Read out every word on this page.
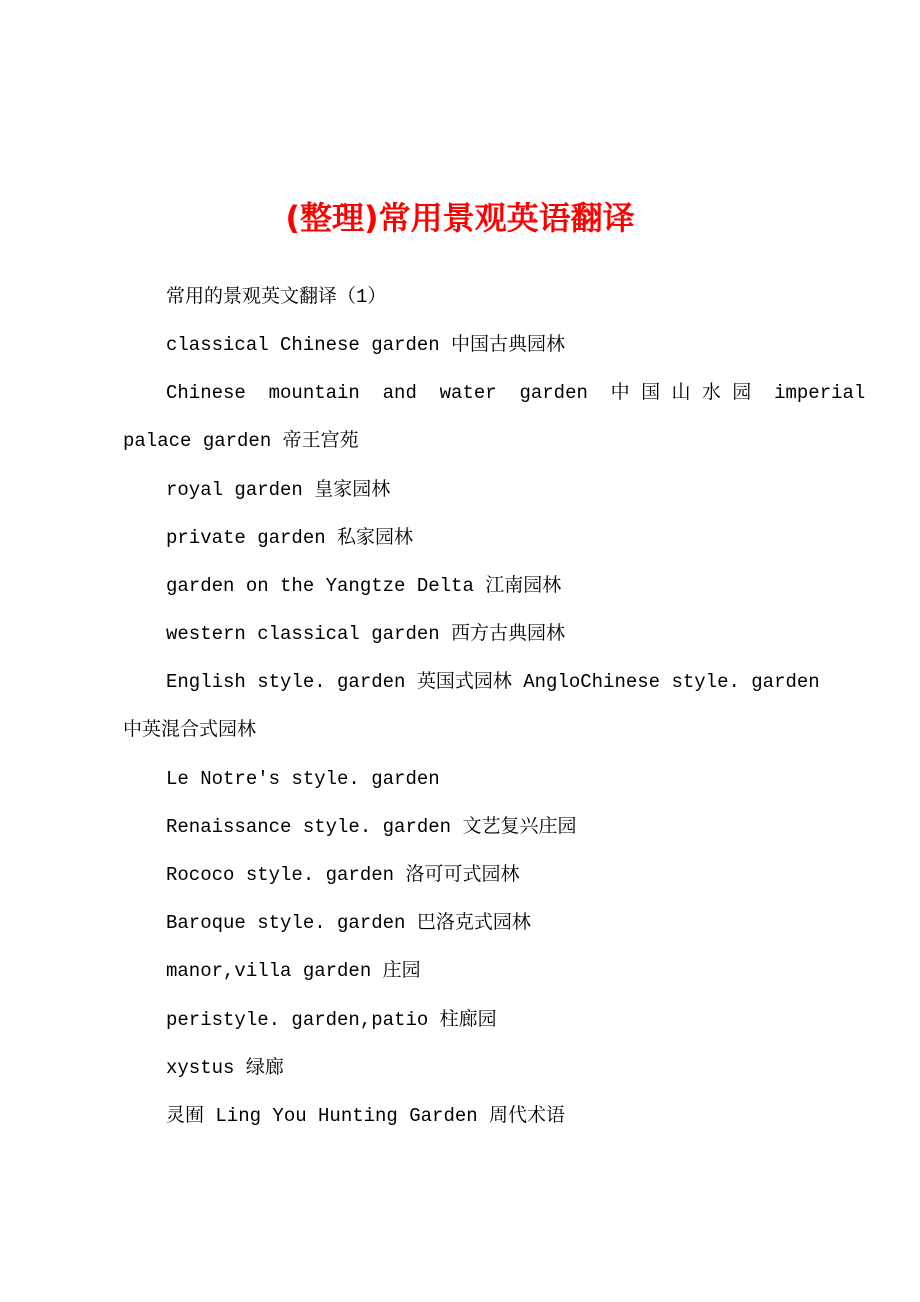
(整理)常用景观英语翻译
常用的景观英文翻译（1）
classical Chinese garden 中国古典园林
Chinese  mountain  and  water  garden  中 国 山 水 园  imperial
palace garden 帝王宫苑
royal garden 皇家园林
private garden 私家园林
garden on the Yangtze Delta 江南园林
western classical garden 西方古典园林
English style. garden 英国式园林 AngloChinese style. garden
中英混合式园林
Le Notre's style. garden
Renaissance style. garden 文艺复兴庄园
Rococo style. garden 洛可可式园林
Baroque style. garden 巴洛克式园林
manor,villa garden 庄园
peristyle. garden,patio 柱廊园
xystus 绿廊
灵囿 Ling You Hunting Garden 周代术语
